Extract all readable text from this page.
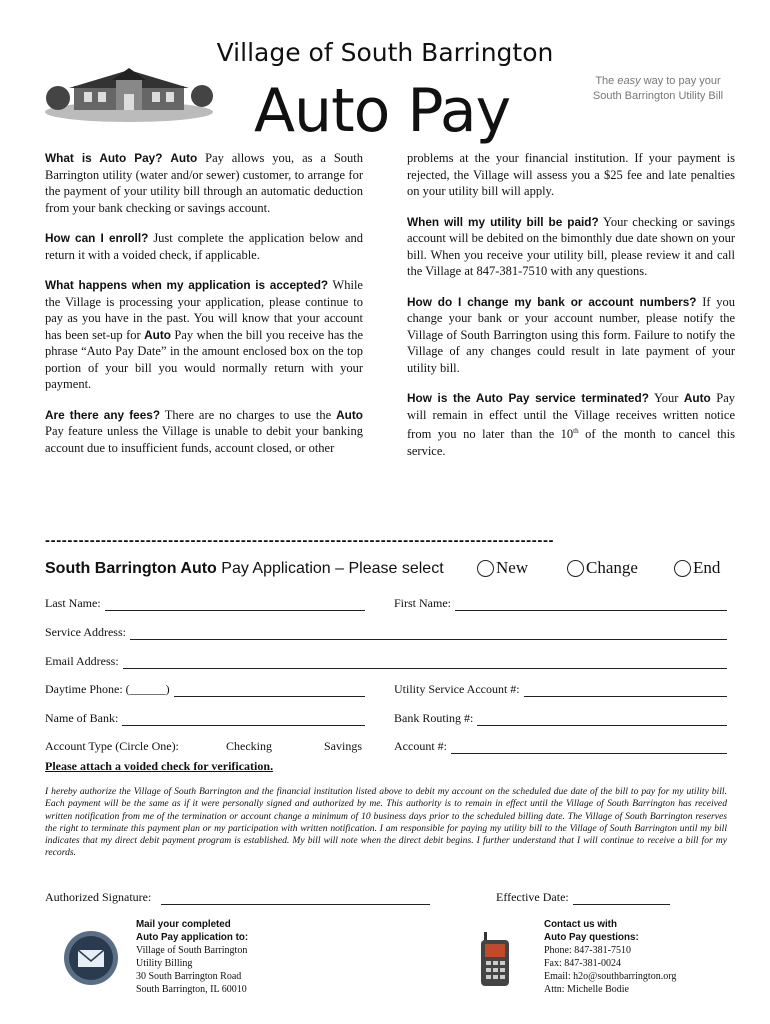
Village of South Barrington
Auto Pay	The easy way to pay your South Barrington Utility Bill

What is Auto Pay? Auto Pay allows you, as a South Barrington utility (water and/or sewer) customer, to arrange for the payment of your utility bill through an automatic deduction from your bank checking or savings account.

How can I enroll? Just complete the application below and return it with a voided check, if applicable.

What happens when my application is accepted? While the Village is processing your application, please continue to pay as you have in the past. You will know that your account has been set-up for Auto Pay when the bill you receive has the phrase “Auto Pay Date” in the amount enclosed box on the top portion of your bill you would normally return with your payment.

Are there any fees? There are no charges to use the Auto Pay feature unless the Village is unable to debit your banking account due to insufficient funds, account closed, or other

problems at the your financial institution. If your payment is rejected, the Village will assess you a $25 fee and late penalties on your utility bill will apply.

When will my utility bill be paid? Your checking or savings account will be debited on the bimonthly due date shown on your bill. When you receive your utility bill, please review it and call the Village at 847-381-7510 with any questions.

How do I change my bank or account numbers? If you change your bank or your account number, please notify the Village of South Barrington using this form. Failure to notify the Village of any changes could result in late payment of your utility bill.

How is the Auto Pay service terminated? Your Auto Pay will remain in effect until the Village receives written notice from you no later than the 10th of the month to cancel this service.

-------------------------------------------------------------------------------------------
South Barrington Auto Pay Application – Please select	New	Change	End
Last Name:	First Name:
Service Address:
Email Address:
Daytime Phone: (______)	Utility Service Account #:
Name of Bank:	Bank Routing #:
Account Type (Circle One):	Checking	Savings	Account #:
Please attach a voided check for verification.
I hereby authorize the Village of South Barrington and the financial institution listed above to debit my account on the scheduled due date of the bill to pay for my utility bill. Each payment will be the same as if it were personally signed and authorized by me. This authority is to remain in effect until the Village of South Barrington has received written notification from me of the termination or account change a minimum of 10 business days prior to the scheduled billing date. The Village of South Barrington reserves the right to terminate this payment plan or my participation with written notification. I am responsible for paying my utility bill to the Village of South Barrington until my bill indicates that my direct debit payment program is established. My bill will note when the direct debit begins. I further understand that I will continue to receive a bill for my records.
Authorized Signature:	Effective Date:
Mail your completed
Auto Pay application to:
Village of South Barrington
Utility Billing
30 South Barrington Road
South Barrington, IL 60010
Contact us with
Auto Pay questions:
Phone: 847-381-7510
Fax: 847-381-0024
Email: h2o@southbarrington.org
Attn: Michelle Bodie
